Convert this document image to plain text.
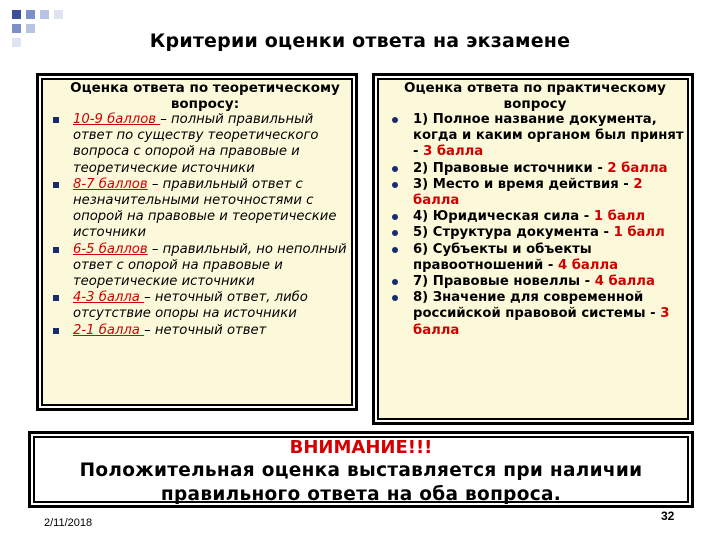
Критерии оценки ответа на экзамене
Оценка ответа по теоретическому вопросу:
10-9 баллов – полный правильный ответ по существу теоретического вопроса с опорой на правовые и теоретические источники
8-7 баллов – правильный ответ с незначительными неточностями с опорой на правовые и теоретические источники
6-5 баллов – правильный, но неполный ответ с опорой на правовые и теоретические источники
4-3 балла – неточный ответ, либо отсутствие опоры на источники
2-1 балла – неточный ответ
Оценка ответа по практическому вопросу
1) Полное название документа, когда и каким органом был принят - 3 балла
2) Правовые источники - 2 балла
3) Место и время действия - 2 балла
4) Юридическая сила - 1 балл
5) Структура документа - 1 балл
6) Субъекты и объекты правоотношений - 4 балла
7) Правовые новеллы - 4 балла
8) Значение для современной российской правовой системы - 3 балла
ВНИМАНИЕ!!!
Положительная оценка выставляется при наличии правильного ответа на оба вопроса.
2/11/2018	32
